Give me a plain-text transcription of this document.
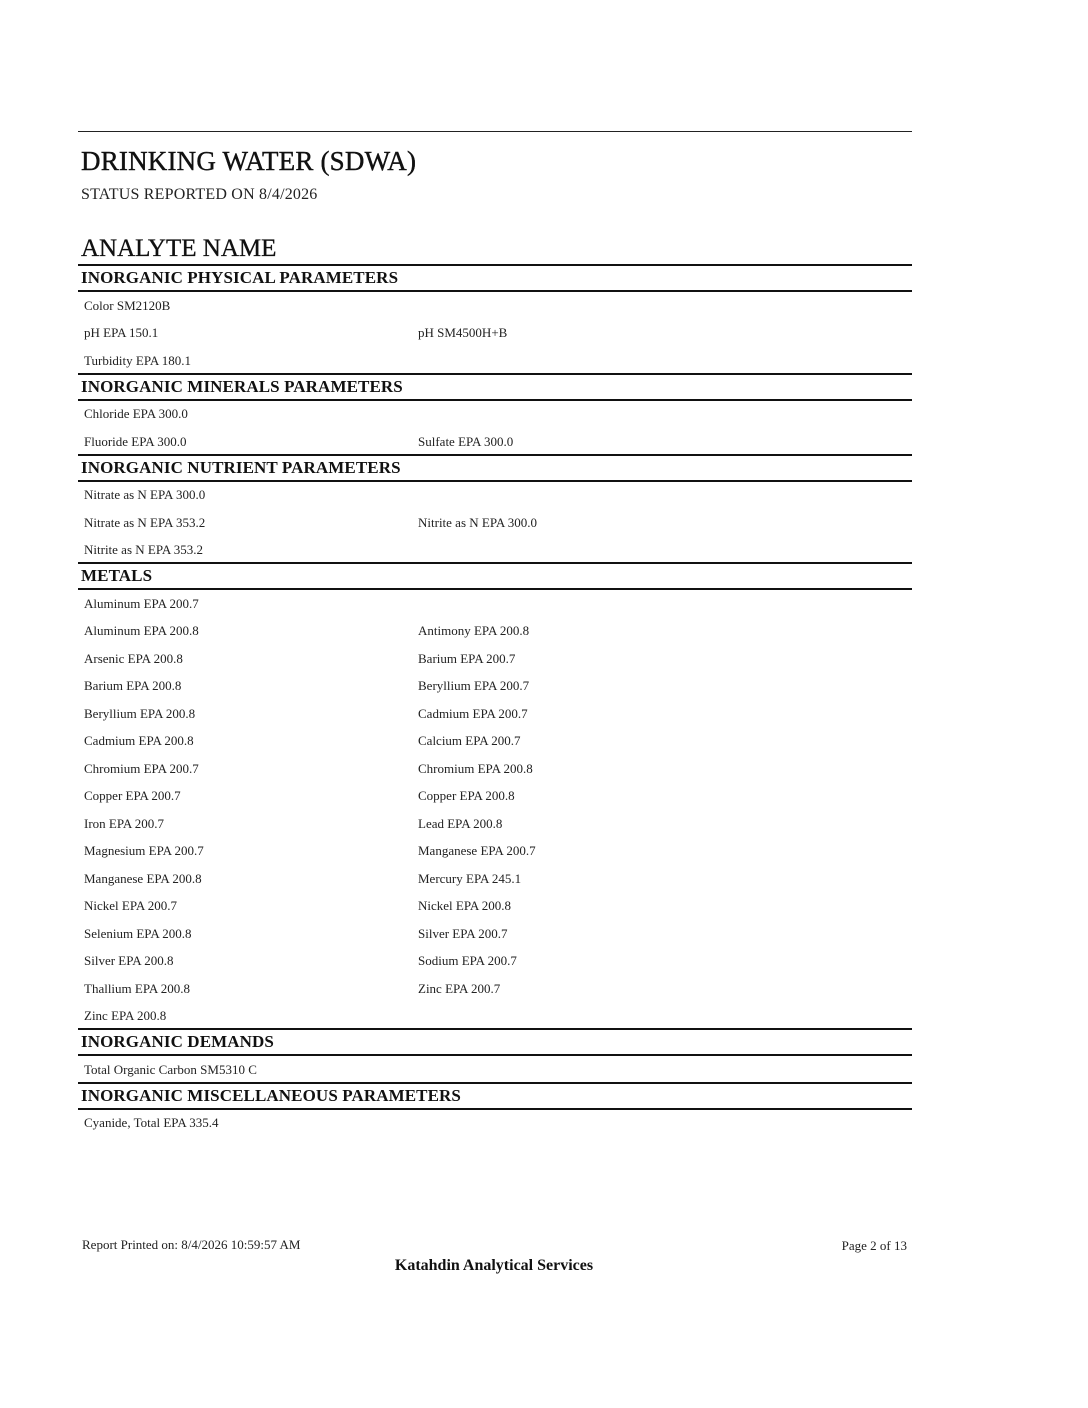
DRINKING WATER (SDWA)
STATUS REPORTED ON 8/4/2026
ANALYTE NAME
INORGANIC PHYSICAL PARAMETERS
Color SM2120B
pH EPA 150.1	pH SM4500H+B
Turbidity EPA 180.1
INORGANIC MINERALS PARAMETERS
Chloride EPA 300.0
Fluoride EPA 300.0	Sulfate EPA 300.0
INORGANIC NUTRIENT PARAMETERS
Nitrate as N EPA 300.0
Nitrate as N EPA 353.2	Nitrite as N EPA 300.0
Nitrite as N EPA 353.2
METALS
Aluminum EPA 200.7
Aluminum EPA 200.8	Antimony EPA 200.8
Arsenic EPA 200.8	Barium EPA 200.7
Barium EPA 200.8	Beryllium EPA 200.7
Beryllium EPA 200.8	Cadmium EPA 200.7
Cadmium EPA 200.8	Calcium EPA 200.7
Chromium EPA 200.7	Chromium EPA 200.8
Copper EPA 200.7	Copper EPA 200.8
Iron EPA 200.7	Lead EPA 200.8
Magnesium EPA 200.7	Manganese EPA 200.7
Manganese EPA 200.8	Mercury EPA 245.1
Nickel EPA 200.7	Nickel EPA 200.8
Selenium EPA 200.8	Silver EPA 200.7
Silver EPA 200.8	Sodium EPA 200.7
Thallium EPA 200.8	Zinc EPA 200.7
Zinc EPA 200.8
INORGANIC DEMANDS
Total Organic Carbon SM5310 C
INORGANIC MISCELLANEOUS PARAMETERS
Cyanide, Total EPA 335.4
Report Printed on: 8/4/2026 10:59:57 AM	Page 2 of 13
Katahdin Analytical Services
